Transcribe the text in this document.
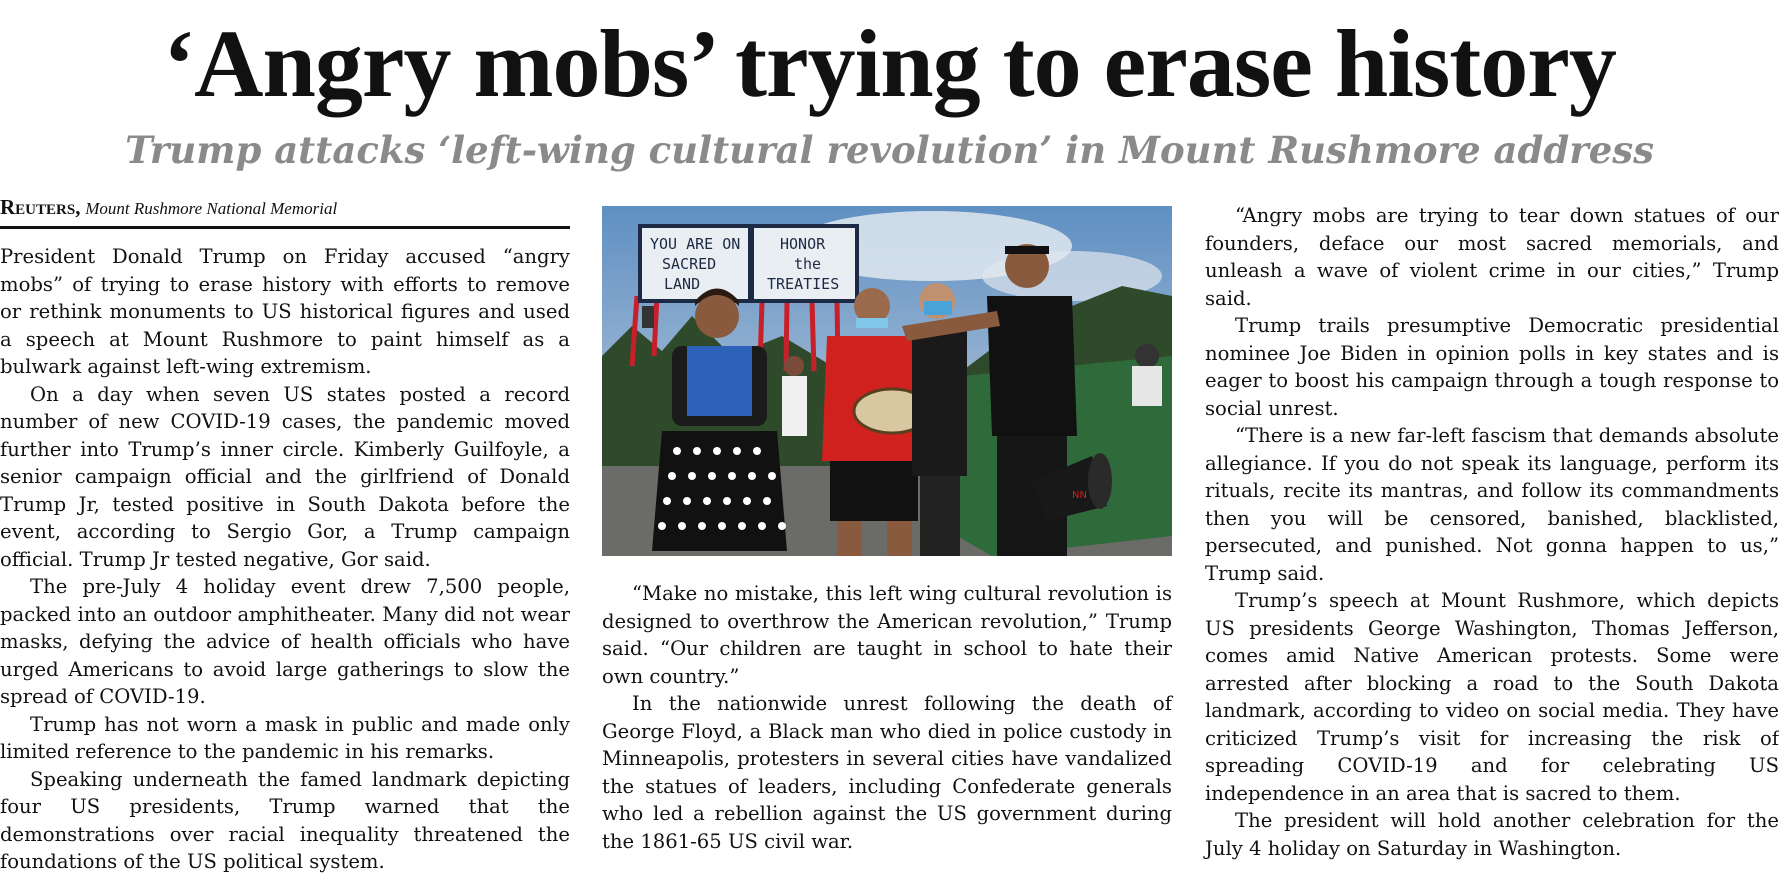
‘Angry mobs’ trying to erase history
Trump attacks ‘left-wing cultural revolution’ in Mount Rushmore address
Reuters, Mount Rushmore National Memorial

President Donald Trump on Friday accused “angry mobs” of trying to erase history with efforts to remove or rethink monuments to US historical figures and used a speech at Mount Rushmore to paint himself as a bulwark against left-wing extremism.

On a day when seven US states posted a record number of new COVID-19 cases, the pandemic moved further into Trump’s inner circle. Kimberly Guilfoyle, a senior campaign official and the girlfriend of Donald Trump Jr, tested positive in South Dakota before the event, according to Sergio Gor, a Trump campaign official. Trump Jr tested negative, Gor said.

The pre-July 4 holiday event drew 7,500 people, packed into an outdoor amphitheater. Many did not wear masks, defying the advice of health officials who have urged Americans to avoid large gatherings to slow the spread of COVID-19.

Trump has not worn a mask in public and made only limited reference to the pandemic in his remarks.

Speaking underneath the famed landmark depicting four US presidents, Trump warned that the demonstrations over racial inequality threatened the foundations of the US political system.

YOU ARE ON
SACRED
LAND
HONOR
the
TREATIES
NN

“Make no mistake, this left wing cultural revolution is designed to overthrow the American revolution,” Trump said. “Our children are taught in school to hate their own country.”

In the nationwide unrest following the death of George Floyd, a Black man who died in police custody in Minneapolis, protesters in several cities have vandalized the statues of leaders, including Confederate generals who led a rebellion against the US government during the 1861-65 US civil war.

“Angry mobs are trying to tear down statues of our founders, deface our most sacred memorials, and unleash a wave of violent crime in our cities,” Trump said.

Trump trails presumptive Democratic presidential nominee Joe Biden in opinion polls in key states and is eager to boost his campaign through a tough response to social unrest.

“There is a new far-left fascism that demands absolute allegiance. If you do not speak its language, perform its rituals, recite its mantras, and follow its commandments then you will be censored, banished, blacklisted, persecuted, and punished. Not gonna happen to us,” Trump said.

Trump’s speech at Mount Rushmore, which depicts US presidents George Washington, Thomas Jefferson, comes amid Native American protests. Some were arrested after blocking a road to the South Dakota landmark, according to video on social media. They have criticized Trump’s visit for increasing the risk of spreading COVID-19 and for celebrating US independence in an area that is sacred to them.

The president will hold another celebration for the July 4 holiday on Saturday in Washington.
